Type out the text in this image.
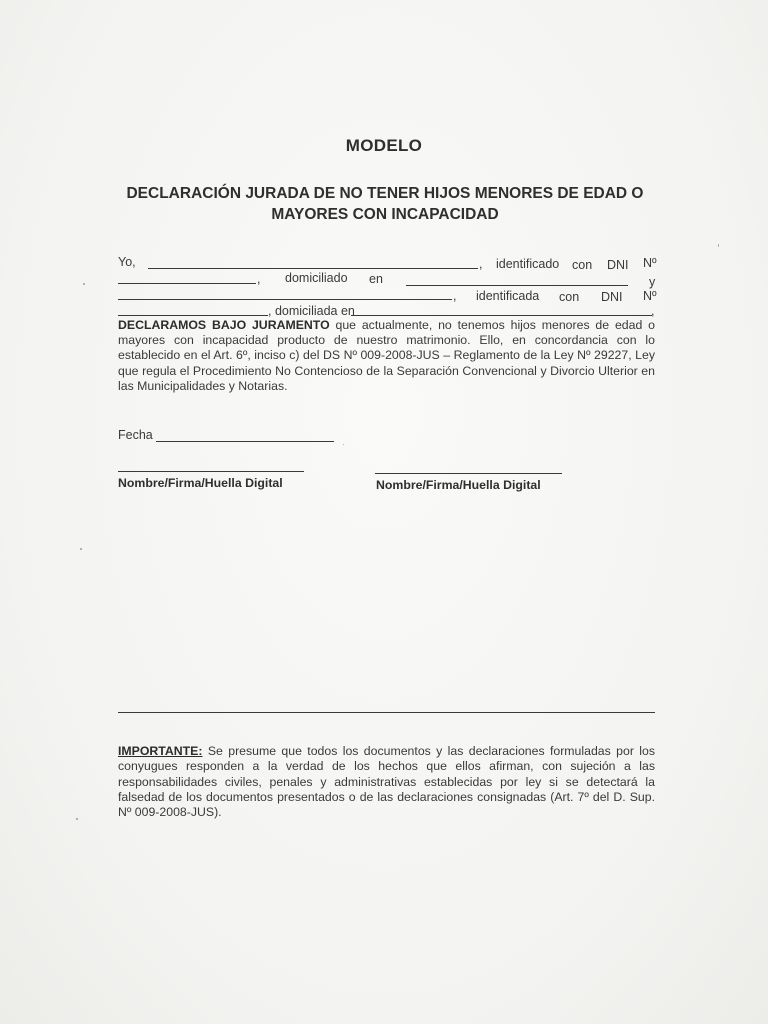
MODELO
DECLARACIÓN JURADA DE NO TENER HIJOS MENORES DE EDAD O
MAYORES CON INCAPACIDAD
Yo,	, identificado con DNI Nº
, domiciliado en	y
, identificada con DNI Nº
, domiciliada en	,
DECLARAMOS BAJO JURAMENTO que actualmente, no tenemos hijos menores de edad o mayores con incapacidad producto de nuestro matrimonio. Ello, en concordancia con lo establecido en el Art. 6º, inciso c) del DS Nº 009-2008-JUS – Reglamento de la Ley Nº 29227, Ley que regula el Procedimiento No Contencioso de la Separación Convencional y Divorcio Ulterior en las Municipalidades y Notarias.
Fecha
Nombre/Firma/Huella Digital	Nombre/Firma/Huella Digital
IMPORTANTE: Se presume que todos los documentos y las declaraciones formuladas por los conyugues responden a la verdad de los hechos que ellos afirman, con sujeción a las responsabilidades civiles, penales y administrativas establecidas por ley si se detectará la falsedad de los documentos presentados o de las declaraciones consignadas (Art. 7º del D. Sup. Nº 009-2008-JUS).
